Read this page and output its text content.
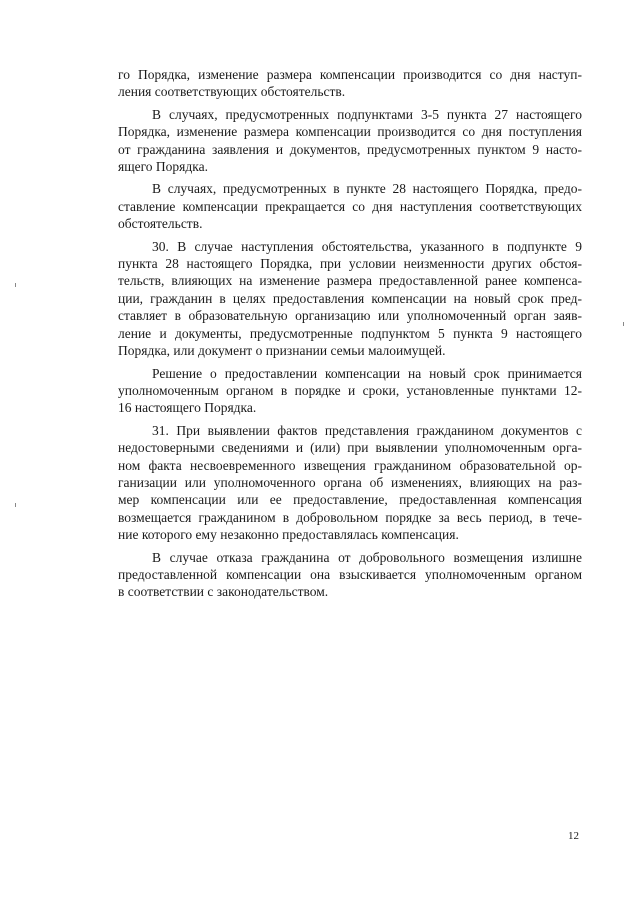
го Порядка, изменение размера компенсации производится со дня наступ-
ления соответствующих обстоятельств.

В случаях, предусмотренных подпунктами 3-5 пункта 27 настоящего
Порядка, изменение размера компенсации производится со дня поступления
от гражданина заявления и документов, предусмотренных пунктом 9 насто-
ящего Порядка.

В случаях, предусмотренных в пункте 28 настоящего Порядка, предо-
ставление компенсации прекращается со дня наступления соответствующих
обстоятельств.

30. В случае наступления обстоятельства, указанного в подпункте 9
пункта 28 настоящего Порядка, при условии неизменности других обстоя-
тельств, влияющих на изменение размера предоставленной ранее компенса-
ции, гражданин в целях предоставления компенсации на новый срок пред-
ставляет в образовательную организацию или уполномоченный орган заяв-
ление и документы, предусмотренные подпунктом 5 пункта 9 настоящего
Порядка, или документ о признании семьи малоимущей.

Решение о предоставлении компенсации на новый срок принимается
уполномоченным органом в порядке и сроки, установленные пунктами 12-
16 настоящего Порядка.

31. При выявлении фактов представления гражданином документов с
недостоверными сведениями и (или) при выявлении уполномоченным орга-
ном факта несвоевременного извещения гражданином образовательной ор-
ганизации или уполномоченного органа об изменениях, влияющих на раз-
мер компенсации или ее предоставление, предоставленная компенсация
возмещается гражданином в добровольном порядке за весь период, в тече-
ние которого ему незаконно предоставлялась компенсация.

В случае отказа гражданина от добровольного возмещения излишне
предоставленной компенсации она взыскивается уполномоченным органом
в соответствии с законодательством.

12
